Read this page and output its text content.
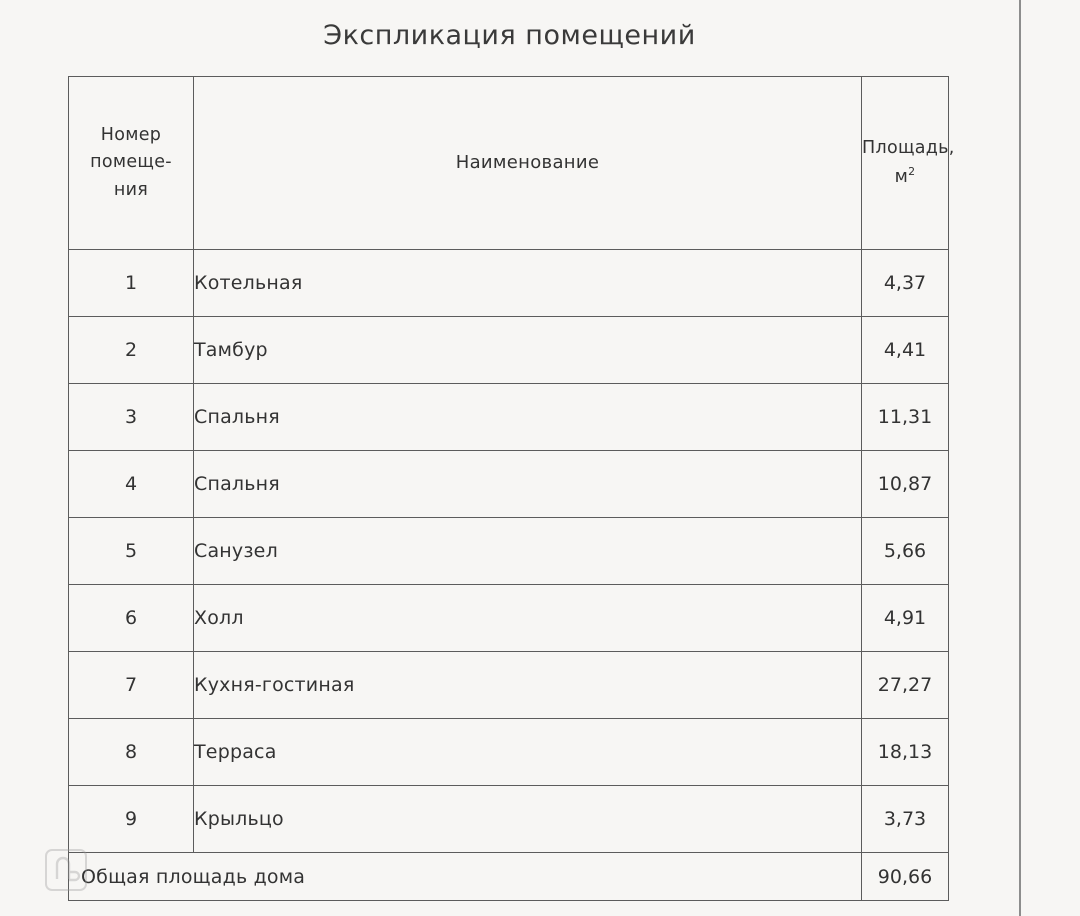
Экспликация помещений
Номер
помеще-
ния	Наименование	Площадь, $м^2$
1	Котельная	4,37
2	Тамбур	4,41
3	Спальня	11,31
4	Спальня	10,87
5	Санузел	5,66
6	Холл	4,91
7	Кухня-гостиная	27,27
8	Терраса	18,13
9	Крыльцо	3,73
Общая площадь дома		90,66
